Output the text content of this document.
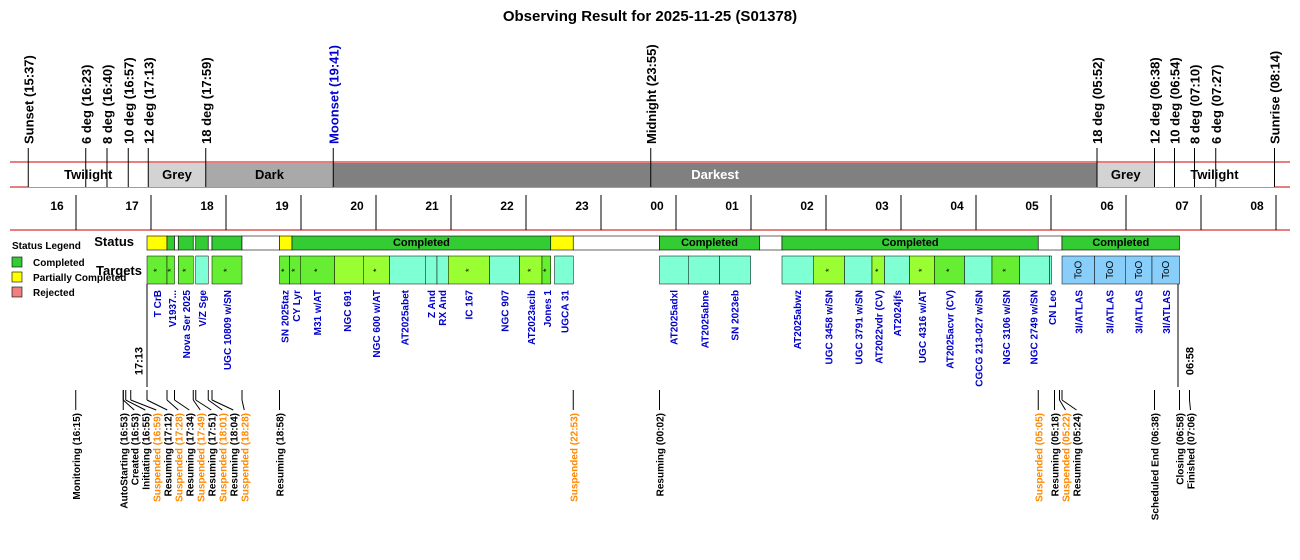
Observing Result for 2025-11-25 (S01378)
Twilight	Grey	Dark	Darkest	Grey	Twilight
Sunset (15:37)	6 deg (16:23) 8 deg (16:40) 10 deg (16:57) 12 deg (17:13)	18 deg (17:59)	Moonset (19:41)	Midnight (23:55)	18 deg (05:52)	12 deg (06:38) 10 deg (06:54) 8 deg (07:10) 6 deg (07:27)	Sunrise (08:14)
16	17	18	19	20	21	22	23	00	01	02	03	04	05	06	07	08
Status
Targets
Status Legend
Completed
Partially Completed
Rejected
Completed	Completed	Completed	Completed
* * *	*	* * *	*	*	* *	*	*	* *	*	ToO ToO ToO ToO
T CrB V1937... Nova Ser 2025 V/Z Sge UGC 10809 w/SN	SN 2025taz CY Lyr M31 w/AT NGC 691 NGC 600 w/AT AT2025abet Z And RX And IC 167	NGC 907 AT2023acib Jones 1 UGCA 31	AT2025adxl AT2025abne SN 2023eb	AT2025abwz UGC 3458 w/SN UGC 3791 w/SN AT2022vdr (CV) AT2024jfs UGC 4316 w/AT AT2025acvr (CV) CGCG 213-027 w/SN NGC 3106 w/SN NGC 2749 w/SN CN Leo 3I/ATLAS 3I/ATLAS 3I/ATLAS 3I/ATLAS
17:13	06:58
Monitoring (16:15)	AutoStarting (16:53) Created (16:53) Initiating (16:55) Suspended (16:59) Resuming (17:12) Suspended (17:28) Resuming (17:34) Suspended (17:49) Resuming (17:51) Suspended (18:01) Resuming (18:04) Suspended (18:28) Resuming (18:58)	Suspended (22:53)	Resuming (00:02)	Suspended (05:05) Resuming (05:18) Suspended (05:22) Resuming (05:24)	Scheduled End (06:38) Closing (06:58) Finished (07:06)
